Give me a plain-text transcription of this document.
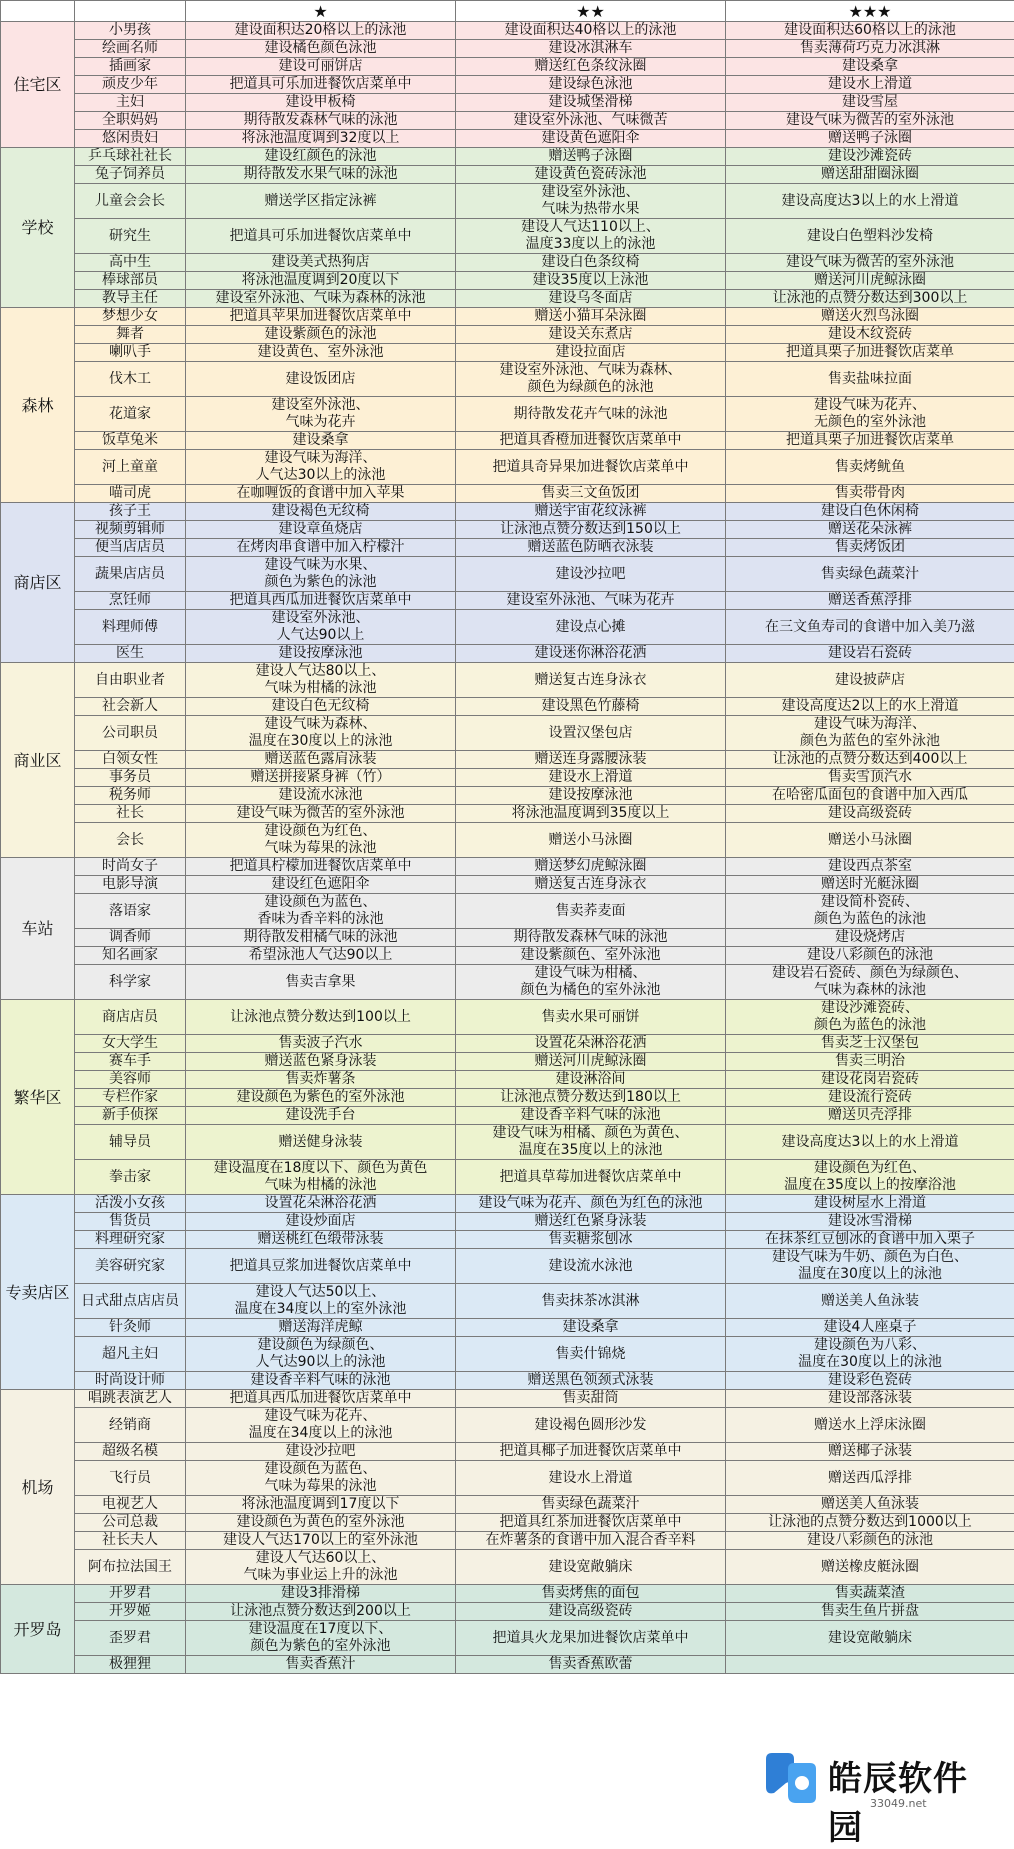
		★	★★	★★★
住宅区	小男孩	建设面积达20格以上的泳池	建设面积达40格以上的泳池	建设面积达60格以上的泳池
	绘画名师	建设橘色颜色泳池	建设冰淇淋车	售卖薄荷巧克力冰淇淋
	插画家	建设可丽饼店	赠送红色条纹泳圈	建设桑拿
	顽皮少年	把道具可乐加进餐饮店菜单中	建设绿色泳池	建设水上滑道
	主妇	建设甲板椅	建设城堡滑梯	建设雪屋
	全职妈妈	期待散发森林气味的泳池	建设室外泳池、气味微苦	建设气味为微苦的室外泳池
	悠闲贵妇	将泳池温度调到32度以上	建设黄色遮阳伞	赠送鸭子泳圈
学校	乒乓球社社长	建设红颜色的泳池	赠送鸭子泳圈	建设沙滩瓷砖
	兔子饲养员	期待散发水果气味的泳池	建设黄色瓷砖泳池	赠送甜甜圈泳圈
	儿童会会长	赠送学区指定泳裤	建设室外泳池、
气味为热带水果	建设高度达3以上的水上滑道
	研究生	把道具可乐加进餐饮店菜单中	建设人气达110以上、
温度33度以上的泳池	建设白色塑料沙发椅
	高中生	建设美式热狗店	建设白色条纹椅	建设气味为微苦的室外泳池
	棒球部员	将泳池温度调到20度以下	建设35度以上泳池	赠送河川虎鲸泳圈
	教导主任	建设室外泳池、气味为森林的泳池	建设乌冬面店	让泳池的点赞分数达到300以上
森林	梦想少女	把道具苹果加进餐饮店菜单中	赠送小猫耳朵泳圈	赠送火烈鸟泳圈
	舞者	建设紫颜色的泳池	建设关东煮店	建设木纹瓷砖
	喇叭手	建设黄色、室外泳池	建设拉面店	把道具栗子加进餐饮店菜单
	伐木工	建设饭团店	建设室外泳池、气味为森林、
颜色为绿颜色的泳池	售卖盐味拉面
	花道家	建设室外泳池、
气味为花卉	期待散发花卉气味的泳池	建设气味为花卉、
无颜色的室外泳池
	饭草兔米	建设桑拿	把道具香橙加进餐饮店菜单中	把道具栗子加进餐饮店菜单
	河上童童	建设气味为海洋、
人气达30以上的泳池	把道具奇异果加进餐饮店菜单中	售卖烤鱿鱼
	喵司虎	在咖喱饭的食谱中加入苹果	售卖三文鱼饭团	售卖带骨肉
商店区	孩子王	建设褐色无纹椅	赠送宇宙花纹泳裤	建设白色休闲椅
	视频剪辑师	建设章鱼烧店	让泳池点赞分数达到150以上	赠送花朵泳裤
	便当店店员	在烤肉串食谱中加入柠檬汁	赠送蓝色防晒衣泳装	售卖烤饭团
	蔬果店店员	建设气味为水果、
颜色为紫色的泳池	建设沙拉吧	售卖绿色蔬菜汁
	烹饪师	把道具西瓜加进餐饮店菜单中	建设室外泳池、气味为花卉	赠送香蕉浮排
	料理师傅	建设室外泳池、
人气达90以上	建设点心摊	在三文鱼寿司的食谱中加入美乃滋
	医生	建设按摩泳池	建设迷你淋浴花洒	建设岩石瓷砖
商业区	自由职业者	建设人气达80以上、
气味为柑橘的泳池	赠送复古连身泳衣	建设披萨店
	社会新人	建设白色无纹椅	建设黑色竹藤椅	建设高度达2以上的水上滑道
	公司职员	建设气味为森林、
温度在30度以上的泳池	设置汉堡包店	建设气味为海洋、
颜色为蓝色的室外泳池
	白领女性	赠送蓝色露肩泳装	赠送连身露腰泳装	让泳池的点赞分数达到400以上
	事务员	赠送拼接紧身裤（竹）	建设水上滑道	售卖雪顶汽水
	税务师	建设流水泳池	建设按摩泳池	在哈密瓜面包的食谱中加入西瓜
	社长	建设气味为微苦的室外泳池	将泳池温度调到35度以上	建设高级瓷砖
	会长	建设颜色为红色、
气味为莓果的泳池	赠送小马泳圈	赠送小马泳圈
车站	时尚女子	把道具柠檬加进餐饮店菜单中	赠送梦幻虎鲸泳圈	建设西点茶室
	电影导演	建设红色遮阳伞	赠送复古连身泳衣	赠送时光艇泳圈
	落语家	建设颜色为蓝色、
香味为香辛料的泳池	售卖荞麦面	建设简朴瓷砖、
颜色为蓝色的泳池
	调香师	期待散发柑橘气味的泳池	期待散发森林气味的泳池	建设烧烤店
	知名画家	希望泳池人气达90以上	建设紫颜色、室外泳池	建设八彩颜色的泳池
	科学家	售卖吉拿果	建设气味为柑橘、
颜色为橘色的室外泳池	建设岩石瓷砖、颜色为绿颜色、
气味为森林的泳池
繁华区	商店店员	让泳池点赞分数达到100以上	售卖水果可丽饼	建设沙滩瓷砖、
颜色为蓝色的泳池
	女大学生	售卖波子汽水	设置花朵淋浴花洒	售卖芝士汉堡包
	赛车手	赠送蓝色紧身泳装	赠送河川虎鲸泳圈	售卖三明治
	美容师	售卖炸薯条	建设淋浴间	建设花岗岩瓷砖
	专栏作家	建设颜色为紫色的室外泳池	让泳池点赞分数达到180以上	建设流行瓷砖
	新手侦探	建设洗手台	建设香辛料气味的泳池	赠送贝壳浮排
	辅导员	赠送健身泳装	建设气味为柑橘、颜色为黄色、
温度在35度以上的泳池	建设高度达3以上的水上滑道
	拳击家	建设温度在18度以下、颜色为黄色
气味为柑橘的泳池	把道具草莓加进餐饮店菜单中	建设颜色为红色、
温度在35度以上的按摩浴池
专卖店区	活泼小女孩	设置花朵淋浴花洒	建设气味为花卉、颜色为红色的泳池	建设树屋水上滑道
	售货员	建设炒面店	赠送红色紧身泳装	建设冰雪滑梯
	料理研究家	赠送桃红色缎带泳装	售卖糖浆刨冰	在抹茶红豆刨冰的食谱中加入栗子
	美容研究家	把道具豆浆加进餐饮店菜单中	建设流水泳池	建设气味为牛奶、颜色为白色、
温度在30度以上的泳池
	日式甜点店店员	建设人气达50以上、
温度在34度以上的室外泳池	售卖抹茶冰淇淋	赠送美人鱼泳装
	针灸师	赠送海洋虎鲸	建设桑拿	建设4人座桌子
	超凡主妇	建设颜色为绿颜色、
人气达90以上的泳池	售卖什锦烧	建设颜色为八彩、
温度在30度以上的泳池
	时尚设计师	建设香辛料气味的泳池	赠送黑色领颈式泳装	建设彩色瓷砖
机场	唱跳表演艺人	把道具西瓜加进餐饮店菜单中	售卖甜筒	建设部落泳装
	经销商	建设气味为花卉、
温度在34度以上的泳池	建设褐色圆形沙发	赠送水上浮床泳圈
	超级名模	建设沙拉吧	把道具椰子加进餐饮店菜单中	赠送椰子泳装
	飞行员	建设颜色为蓝色、
气味为莓果的泳池	建设水上滑道	赠送西瓜浮排
	电视艺人	将泳池温度调到17度以下	售卖绿色蔬菜汁	赠送美人鱼泳装
	公司总裁	建设颜色为黄色的室外泳池	把道具红茶加进餐饮店菜单中	让泳池的点赞分数达到1000以上
	社长夫人	建设人气达170以上的室外泳池	在炸薯条的食谱中加入混合香辛料	建设八彩颜色的泳池
	阿布拉法国王	建设人气达60以上、
气味为事业运上升的泳池	建设宽敞躺床	赠送橡皮艇泳圈
开罗岛	开罗君	建设3排滑梯	售卖烤焦的面包	售卖蔬菜渣
	开罗姬	让泳池点赞分数达到200以上	建设高级瓷砖	售卖生鱼片拼盘
	歪罗君	建设温度在17度以下、
颜色为紫色的室外泳池	把道具火龙果加进餐饮店菜单中	建设宽敞躺床
	极狸狸	售卖香蕉汁	售卖香蕉欧蕾	
皓辰软件园
33049.net
